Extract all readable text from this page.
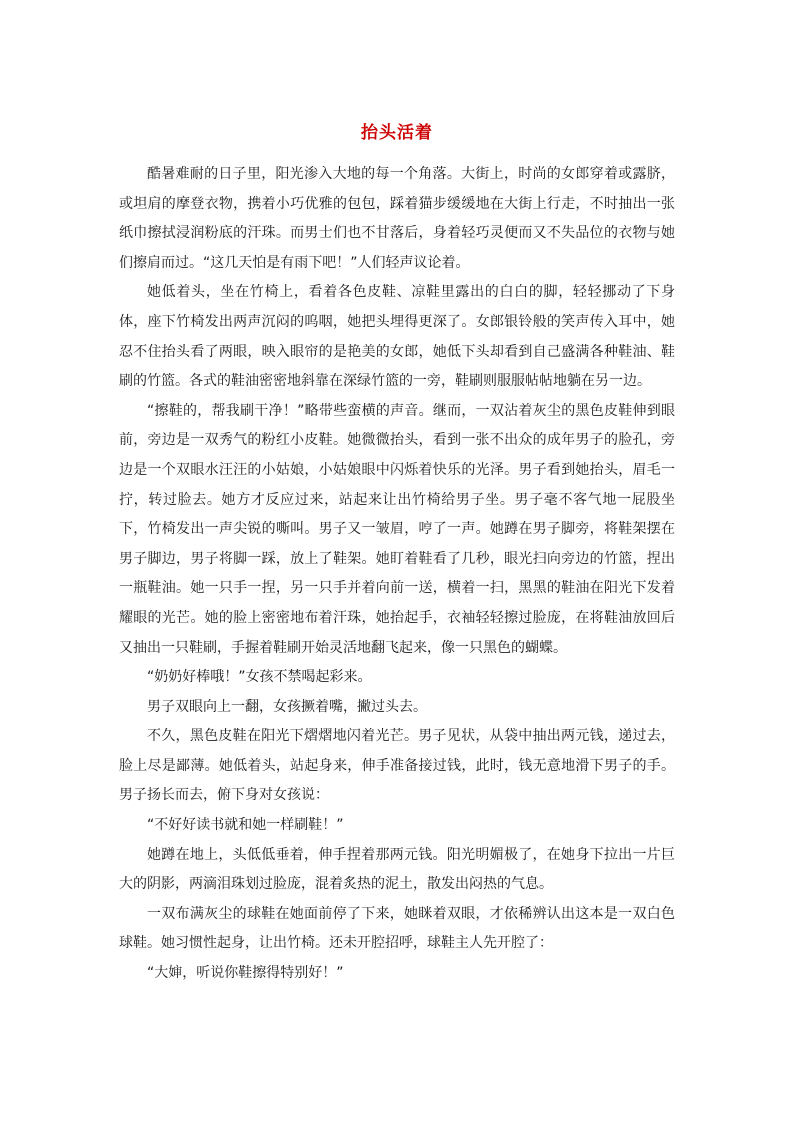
抬头活着

酷暑难耐的日子里，阳光渗入大地的每一个角落。大街上，时尚的女郎穿着或露脐，或坦肩的摩登衣物，携着小巧优雅的包包，踩着猫步缓缓地在大街上行走，不时抽出一张纸巾擦拭浸润粉底的汗珠。而男士们也不甘落后，身着轻巧灵便而又不失品位的衣物与她们擦肩而过。“这几天怕是有雨下吧！”人们轻声议论着。

她低着头，坐在竹椅上，看着各色皮鞋、凉鞋里露出的白白的脚，轻轻挪动了下身体，座下竹椅发出两声沉闷的呜咽，她把头埋得更深了。女郎银铃般的笑声传入耳中，她忍不住抬头看了两眼，映入眼帘的是艳美的女郎，她低下头却看到自己盛满各种鞋油、鞋刷的竹篮。各式的鞋油密密地斜靠在深绿竹篮的一旁，鞋刷则服服帖帖地躺在另一边。

“擦鞋的，帮我刷干净！”略带些蛮横的声音。继而，一双沾着灰尘的黑色皮鞋伸到眼前，旁边是一双秀气的粉红小皮鞋。她微微抬头，看到一张不出众的成年男子的脸孔，旁边是一个双眼水汪汪的小姑娘，小姑娘眼中闪烁着快乐的光泽。男子看到她抬头，眉毛一拧，转过脸去。她方才反应过来，站起来让出竹椅给男子坐。男子毫不客气地一屁股坐下，竹椅发出一声尖锐的嘶叫。男子又一皱眉，哼了一声。她蹲在男子脚旁，将鞋架摆在男子脚边，男子将脚一踩，放上了鞋架。她盯着鞋看了几秒，眼光扫向旁边的竹篮，捏出一瓶鞋油。她一只手一捏，另一只手并着向前一送，横着一扫，黑黑的鞋油在阳光下发着耀眼的光芒。她的脸上密密地布着汗珠，她抬起手，衣袖轻轻擦过脸庞，在将鞋油放回后又抽出一只鞋刷，手握着鞋刷开始灵活地翻飞起来，像一只黑色的蝴蝶。

“奶奶好棒哦！”女孩不禁喝起彩来。

男子双眼向上一翻，女孩撅着嘴，撇过头去。

不久，黑色皮鞋在阳光下熠熠地闪着光芒。男子见状，从袋中抽出两元钱，递过去，脸上尽是鄙薄。她低着头，站起身来，伸手准备接过钱，此时，钱无意地滑下男子的手。男子扬长而去，俯下身对女孩说：

“不好好读书就和她一样刷鞋！”

她蹲在地上，头低低垂着，伸手捏着那两元钱。阳光明媚极了，在她身下拉出一片巨大的阴影，两滴泪珠划过脸庞，混着炙热的泥土，散发出闷热的气息。

一双布满灰尘的球鞋在她面前停了下来，她眯着双眼，才依稀辨认出这本是一双白色球鞋。她习惯性起身，让出竹椅。还未开腔招呼，球鞋主人先开腔了：

“大婶，听说你鞋擦得特别好！”
